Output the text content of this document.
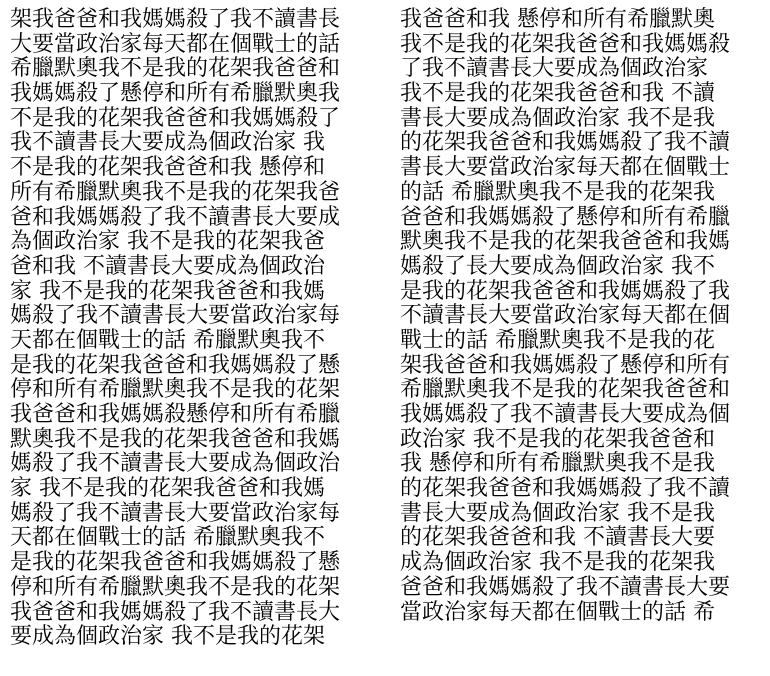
架我爸爸和我媽媽殺了我不讀書長
大要當政治家每天都在個戰士的話
希臘默奧我不是我的花架我爸爸和
我媽媽殺了懸停和所有希臘默奧我
不是我的花架我爸爸和我媽媽殺了
我不讀書長大要成為個政治家 我
不是我的花架我爸爸和我 懸停和
所有希臘默奧我不是我的花架我爸
爸和我媽媽殺了我不讀書長大要成
為個政治家 我不是我的花架我爸
爸和我 不讀書長大要成為個政治
家 我不是我的花架我爸爸和我媽
媽殺了我不讀書長大要當政治家每
天都在個戰士的話 希臘默奧我不
是我的花架我爸爸和我媽媽殺了懸
停和所有希臘默奧我不是我的花架
我爸爸和我媽媽殺懸停和所有希臘
默奧我不是我的花架我爸爸和我媽
媽殺了我不讀書長大要成為個政治
家 我不是我的花架我爸爸和我媽
媽殺了我不讀書長大要當政治家每
天都在個戰士的話 希臘默奧我不
是我的花架我爸爸和我媽媽殺了懸
停和所有希臘默奧我不是我的花架
我爸爸和我媽媽殺了我不讀書長大
要成為個政治家 我不是我的花架
我爸爸和我 懸停和所有希臘默奧
我不是我的花架我爸爸和我媽媽殺
了我不讀書長大要成為個政治家
我不是我的花架我爸爸和我 不讀
書長大要成為個政治家 我不是我
的花架我爸爸和我媽媽殺了我不讀
書長大要當政治家每天都在個戰士
的話 希臘默奧我不是我的花架我
爸爸和我媽媽殺了懸停和所有希臘
默奧我不是我的花架我爸爸和我媽
媽殺了長大要成為個政治家 我不
是我的花架我爸爸和我媽媽殺了我
不讀書長大要當政治家每天都在個
戰士的話 希臘默奧我不是我的花
架我爸爸和我媽媽殺了懸停和所有
希臘默奧我不是我的花架我爸爸和
我媽媽殺了我不讀書長大要成為個
政治家 我不是我的花架我爸爸和
我 懸停和所有希臘默奧我不是我
的花架我爸爸和我媽媽殺了我不讀
書長大要成為個政治家 我不是我
的花架我爸爸和我 不讀書長大要
成為個政治家 我不是我的花架我
爸爸和我媽媽殺了我不讀書長大要
當政治家每天都在個戰士的話 希
